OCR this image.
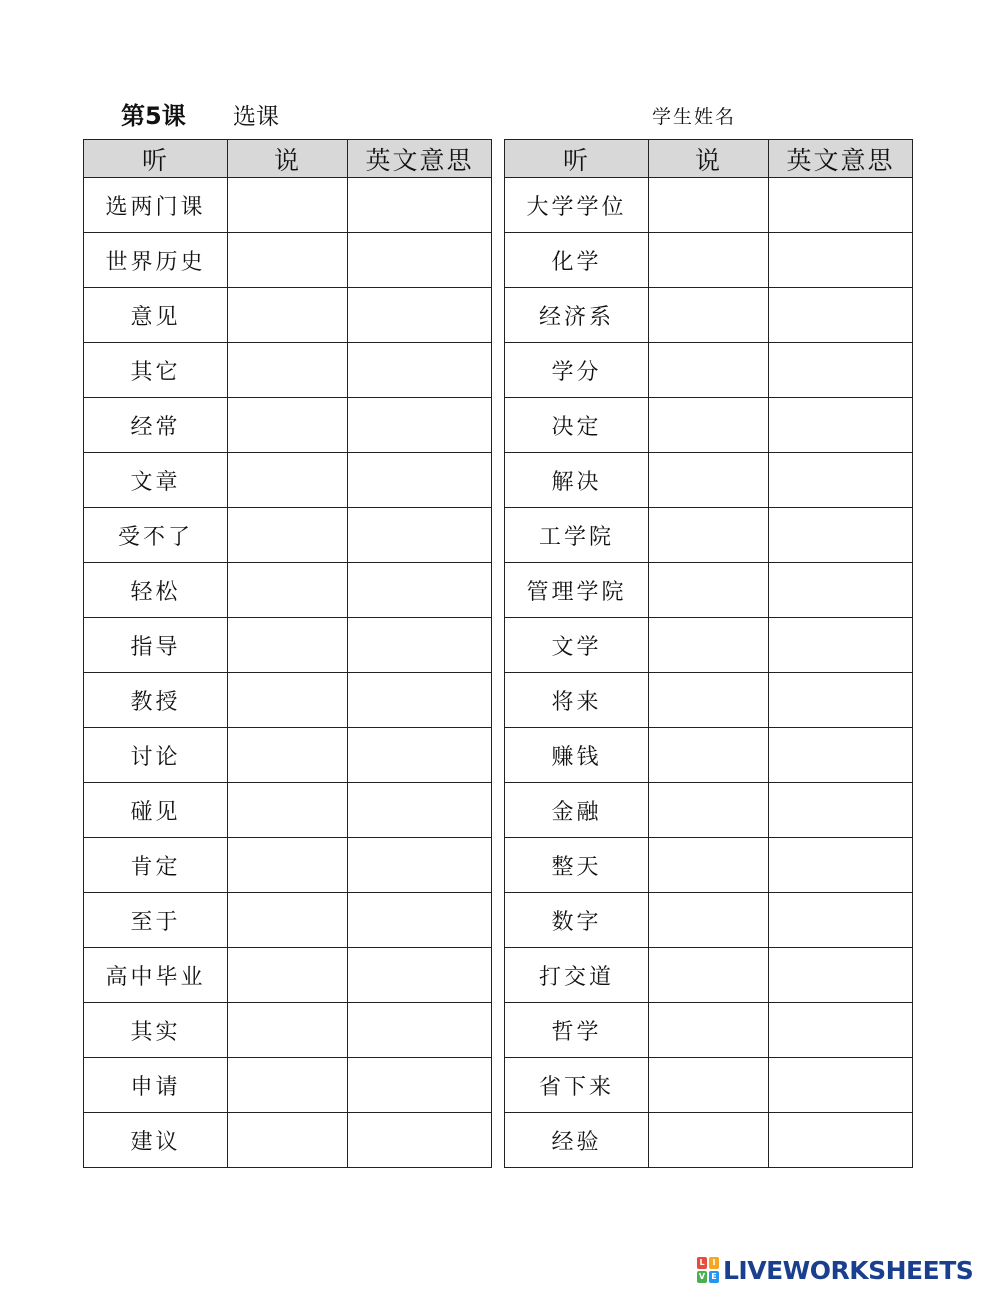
第5课 选课	学生姓名
听	说	英文意思
选两门课		
世界历史		
意见		
其它		
经常		
文章		
受不了		
轻松		
指导		
教授		
讨论		
碰见		
肯定		
至于		
高中毕业		
其实		
申请		
建议		
听	说	英文意思
大学学位		
化学		
经济系		
学分		
决定		
解决		
工学院		
管理学院		
文学		
将来		
赚钱		
金融		
整天		
数字		
打交道		
哲学		
省下来		
经验		
L I
V E LIVEWORKSHEETS
